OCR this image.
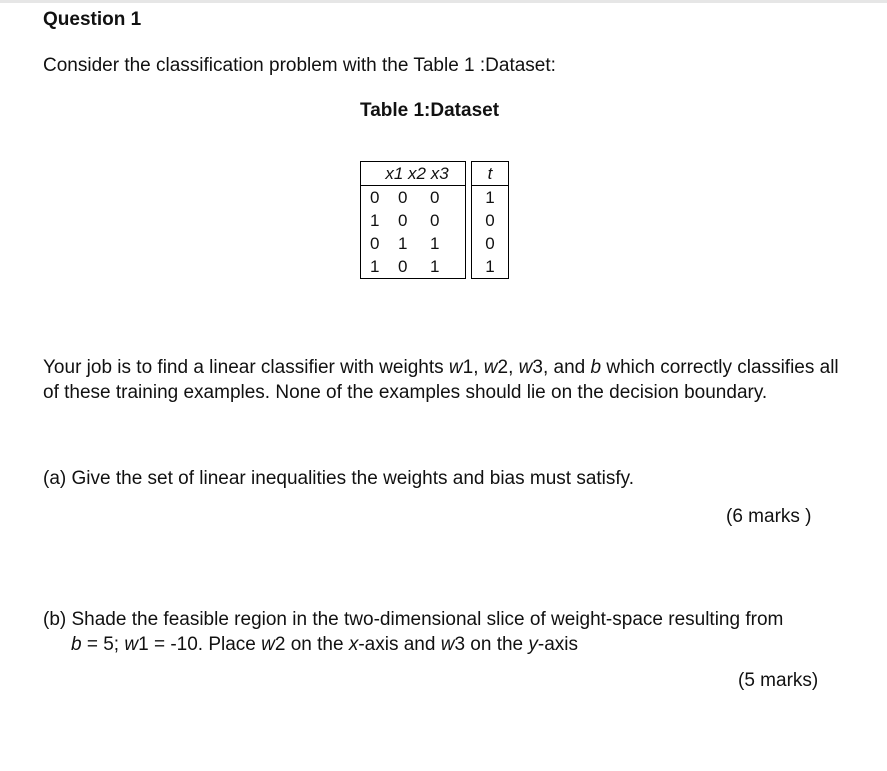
Question 1
Consider the classification problem with the Table 1 :Dataset:
Table 1:Dataset
x1 x2 x3		t

0 0 0		1

1 0 0		0

0 1 1		0

1 0 1		1
Your job is to find a linear classifier with weights w1, w2, w3, and b which correctly classifies all of these training examples. None of the examples should lie on the decision boundary.
(a) Give the set of linear inequalities the weights and bias must satisfy.
(6 marks )
(b) Shade the feasible region in the two-dimensional slice of weight-space resulting from
b = 5; w1 = -10. Place w2 on the x-axis and w3 on the y-axis
(5 marks)
